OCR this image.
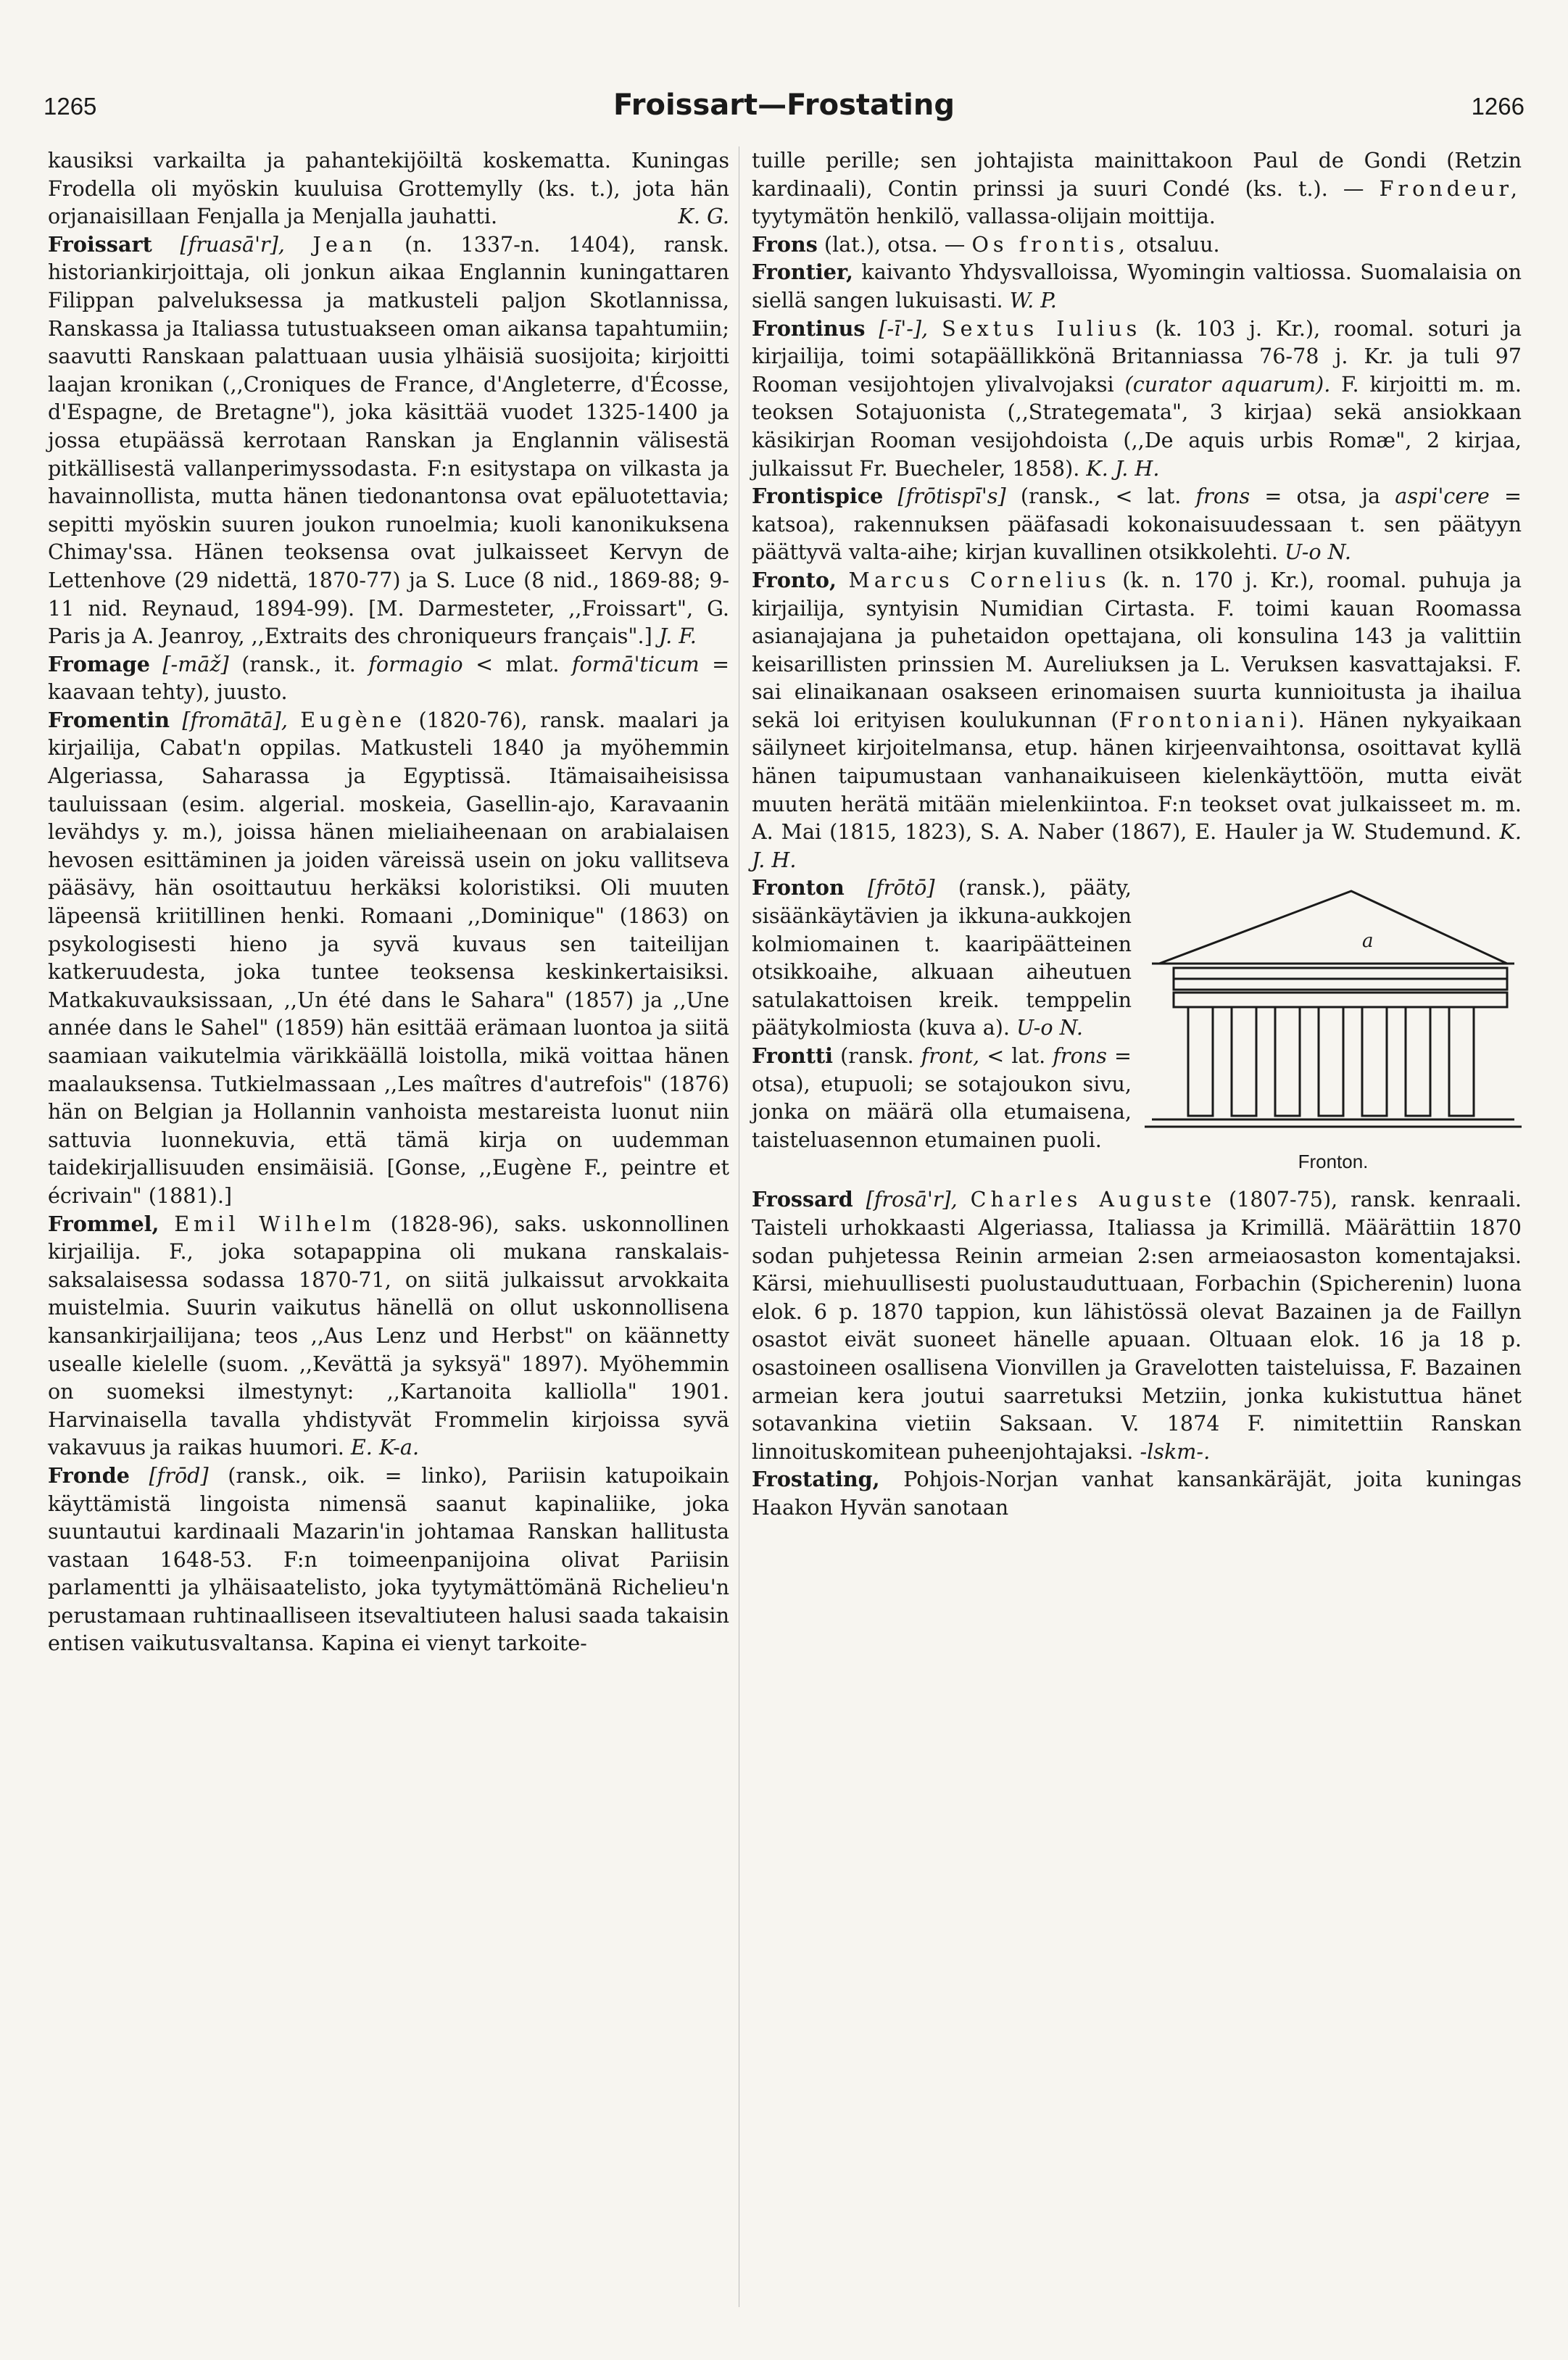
1265	Froissart—Frostating	1266

kausiksi varkailta ja pahantekijöiltä koskematta. Kuningas Frodella oli myöskin kuuluisa Grottemylly (ks. t.), jota hän orjanaisillaan Fenjalla ja Menjalla jauhatti.	K. G.

Froissart [fruasā'r], Jean (n. 1337-n. 1404), ransk. historiankirjoittaja, oli jonkun aikaa Englannin kuningattaren Filippan palveluksessa ja matkusteli paljon Skotlannissa, Ranskassa ja Italiassa tutustuakseen oman aikansa tapahtumiin; saavutti Ranskaan palattuaan uusia ylhäisiä suosijoita; kirjoitti laajan kronikan (,,Croniques de France, d'Angleterre, d'Écosse, d'Espagne, de Bretagne"), joka käsittää vuodet 1325-1400 ja jossa etupäässä kerrotaan Ranskan ja Englannin välisestä pitkällisestä vallanperimyssodasta. F:n esitystapa on vilkasta ja havainnollista, mutta hänen tiedonantonsa ovat epäluotettavia; sepitti myöskin suuren joukon runoelmia; kuoli kanonikuksena Chimay'ssa. Hänen teoksensa ovat julkaisseet Kervyn de Lettenhove (29 nidettä, 1870-77) ja S. Luce (8 nid., 1869-88; 9-11 nid. Reynaud, 1894-99). [M. Darmesteter, ,,Froissart", G. Paris ja A. Jeanroy, ,,Extraits des chroniqueurs français".] J. F.

Fromage [-māž] (ransk., it. formagio < mlat. formā'ticum = kaavaan tehty), juusto.

Fromentin [fromātā], Eugène (1820-76), ransk. maalari ja kirjailija, Cabat'n oppilas. Matkusteli 1840 ja myöhemmin Algeriassa, Saharassa ja Egyptissä. Itämaisaiheisissa tauluissaan (esim. algerial. moskeia, Gasellin-ajo, Karavaanin levähdys y. m.), joissa hänen mieliaiheenaan on arabialaisen hevosen esittäminen ja joiden väreissä usein on joku vallitseva pääsävy, hän osoittautuu herkäksi koloristiksi. Oli muuten läpeensä kriitillinen henki. Romaani ,,Dominique" (1863) on psykologisesti hieno ja syvä kuvaus sen taiteilijan katkeruudesta, joka tuntee teoksensa keskinkertaisiksi. Matkakuvauksissaan, ,,Un été dans le Sahara" (1857) ja ,,Une année dans le Sahel" (1859) hän esittää erämaan luontoa ja siitä saamiaan vaikutelmia värikkäällä loistolla, mikä voittaa hänen maalauksensa. Tutkielmassaan ,,Les maîtres d'autrefois" (1876) hän on Belgian ja Hollannin vanhoista mestareista luonut niin sattuvia luonnekuvia, että tämä kirja on uudemman taidekirjallisuuden ensimäisiä. [Gonse, ,,Eugène F., peintre et écrivain" (1881).]

Frommel, Emil Wilhelm (1828-96), saks. uskonnollinen kirjailija. F., joka sotapappina oli mukana ranskalais-saksalaisessa sodassa 1870-71, on siitä julkaissut arvokkaita muistelmia. Suurin vaikutus hänellä on ollut uskonnollisena kansankirjailijana; teos ,,Aus Lenz und Herbst" on käännetty usealle kielelle (suom. ,,Kevättä ja syksyä" 1897). Myöhemmin on suomeksi ilmestynyt: ,,Kartanoita kalliolla" 1901. Harvinaisella tavalla yhdistyvät Frommelin kirjoissa syvä vakavuus ja raikas huumori. E. K-a.

Fronde [frōd] (ransk., oik. = linko), Pariisin katupoikain käyttämistä lingoista nimensä saanut kapinaliike, joka suuntautui kardinaali Mazarin'in johtamaa Ranskan hallitusta vastaan 1648-53. F:n toimeenpanijoina olivat Pariisin parlamentti ja ylhäisaatelisto, joka tyytymättömänä Richelieu'n perustamaan ruhtinaalliseen itsevaltiuteen halusi saada takaisin entisen vaikutusvaltansa. Kapina ei vienyt tarkoite-

tuille perille; sen johtajista mainittakoon Paul de Gondi (Retzin kardinaali), Contin prinssi ja suuri Condé (ks. t.). — Frondeur, tyytymätön henkilö, vallassa-olijain moittija.

Frons (lat.), otsa. — Os frontis, otsaluu.

Frontier, kaivanto Yhdysvalloissa, Wyomingin valtiossa. Suomalaisia on siellä sangen lukuisasti. W. P.

Frontinus [-ī'-], Sextus Iulius (k. 103 j. Kr.), roomal. soturi ja kirjailija, toimi sotapäällikkönä Britanniassa 76-78 j. Kr. ja tuli 97 Rooman vesijohtojen ylivalvojaksi (curator aquarum). F. kirjoitti m. m. teoksen Sotajuonista (,,Strategemata", 3 kirjaa) sekä ansiokkaan käsikirjan Rooman vesijohdoista (,,De aquis urbis Romæ", 2 kirjaa, julkaissut Fr. Buecheler, 1858). K. J. H.

Frontispice [frōtispī's] (ransk., < lat. frons = otsa, ja aspi'cere = katsoa), rakennuksen pääfasadi kokonaisuudessaan t. sen päätyyn päättyvä valta-aihe; kirjan kuvallinen otsikkolehti. U-o N.

Fronto, Marcus Cornelius (k. n. 170 j. Kr.), roomal. puhuja ja kirjailija, syntyisin Numidian Cirtasta. F. toimi kauan Roomassa asianajajana ja puhetaidon opettajana, oli konsulina 143 ja valittiin keisarillisten prinssien M. Aureliuksen ja L. Veruksen kasvattajaksi. F. sai elinaikanaan osakseen erinomaisen suurta kunnioitusta ja ihailua sekä loi erityisen koulukunnan (Frontoniani). Hänen nykyaikaan säilyneet kirjoitelmansa, etup. hänen kirjeenvaihtonsa, osoittavat kyllä hänen taipumustaan vanhanaikuiseen kielenkäyttöön, mutta eivät muuten herätä mitään mielenkiintoa. F:n teokset ovat julkaisseet m. m. A. Mai (1815, 1823), S. A. Naber (1867), E. Hauler ja W. Studemund. K. J. H.

a
Fronton.
Fronton [frōtō] (ransk.), pääty, sisäänkäytävien ja ikkuna-aukkojen kolmiomainen t. kaaripäätteinen otsikkoaihe, alkuaan aiheutuen satulakattoisen kreik. temppelin päätykolmiosta (kuva a). U-o N.

Frontti (ransk. front, < lat. frons = otsa), etupuoli; se sotajoukon sivu, jonka on määrä olla etumaisena, taisteluasennon etumainen puoli.

Frossard [frosā'r], Charles Auguste (1807-75), ransk. kenraali. Taisteli urhokkaasti Algeriassa, Italiassa ja Krimillä. Määrättiin 1870 sodan puhjetessa Reinin armeian 2:sen armeiaosaston komentajaksi. Kärsi, miehuullisesti puolustauduttuaan, Forbachin (Spicherenin) luona elok. 6 p. 1870 tappion, kun lähistössä olevat Bazainen ja de Faillyn osastot eivät suoneet hänelle apuaan. Oltuaan elok. 16 ja 18 p. osastoineen osallisena Vionvillen ja Gravelotten taisteluissa, F. Bazainen armeian kera joutui saarretuksi Metziin, jonka kukistuttua hänet sotavankina vietiin Saksaan. V. 1874 F. nimitettiin Ranskan linnoituskomitean puheenjohtajaksi. -lskm-.

Frostating, Pohjois-Norjan vanhat kansankäräjät, joita kuningas Haakon Hyvän sanotaan
